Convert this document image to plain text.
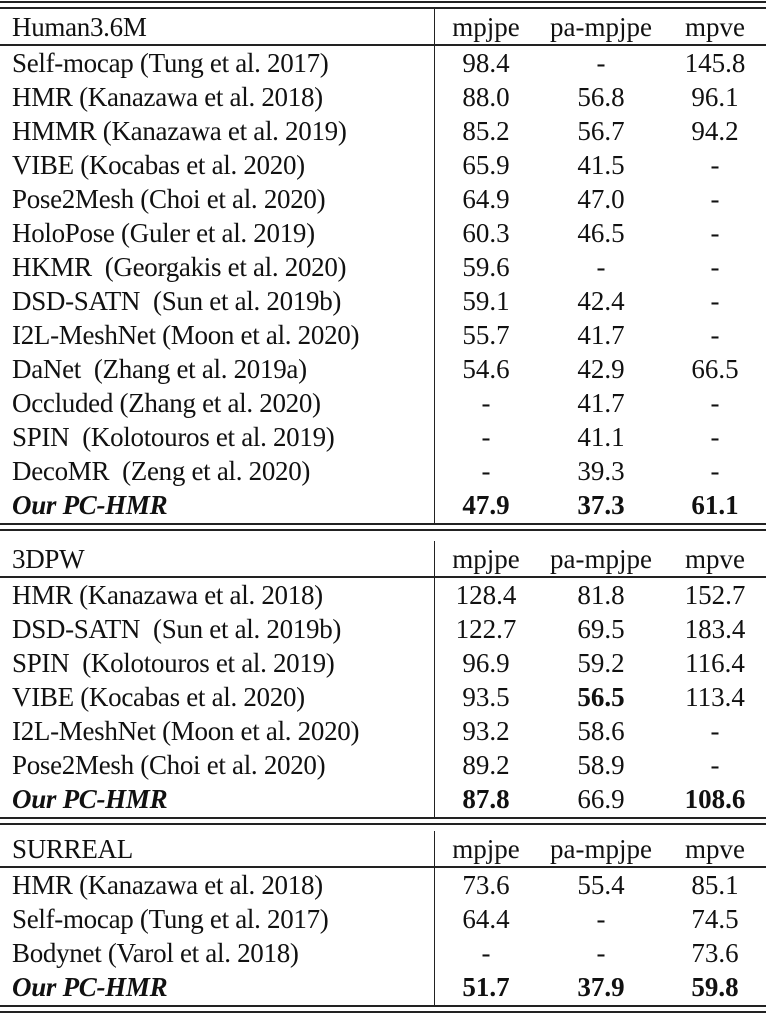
Human3.6M	mpjpe	pa-mpjpe	mpve
Self-mocap (Tung et al. 2017)	98.4	-	145.8
HMR (Kanazawa et al. 2018)	88.0	56.8	96.1
HMMR (Kanazawa et al. 2019)	85.2	56.7	94.2
VIBE (Kocabas et al. 2020)	65.9	41.5	-
Pose2Mesh (Choi et al. 2020)	64.9	47.0	-
HoloPose (Guler et al. 2019)	60.3	46.5	-
HKMR  (Georgakis et al. 2020)	59.6	-	-
DSD-SATN  (Sun et al. 2019b)	59.1	42.4	-
I2L-MeshNet (Moon et al. 2020)	55.7	41.7	-
DaNet  (Zhang et al. 2019a)	54.6	42.9	66.5
Occluded (Zhang et al. 2020)	-	41.7	-
SPIN  (Kolotouros et al. 2019)	-	41.1	-
DecoMR  (Zeng et al. 2020)	-	39.3	-
Our PC-HMR	47.9	37.3	61.1
3DPW	mpjpe	pa-mpjpe	mpve
HMR (Kanazawa et al. 2018)	128.4	81.8	152.7
DSD-SATN  (Sun et al. 2019b)	122.7	69.5	183.4
SPIN  (Kolotouros et al. 2019)	96.9	59.2	116.4
VIBE (Kocabas et al. 2020)	93.5	56.5	113.4
I2L-MeshNet (Moon et al. 2020)	93.2	58.6	-
Pose2Mesh (Choi et al. 2020)	89.2	58.9	-
Our PC-HMR	87.8	66.9	108.6
SURREAL	mpjpe	pa-mpjpe	mpve
HMR (Kanazawa et al. 2018)	73.6	55.4	85.1
Self-mocap (Tung et al. 2017)	64.4	-	74.5
Bodynet (Varol et al. 2018)	-	-	73.6
Our PC-HMR	51.7	37.9	59.8
